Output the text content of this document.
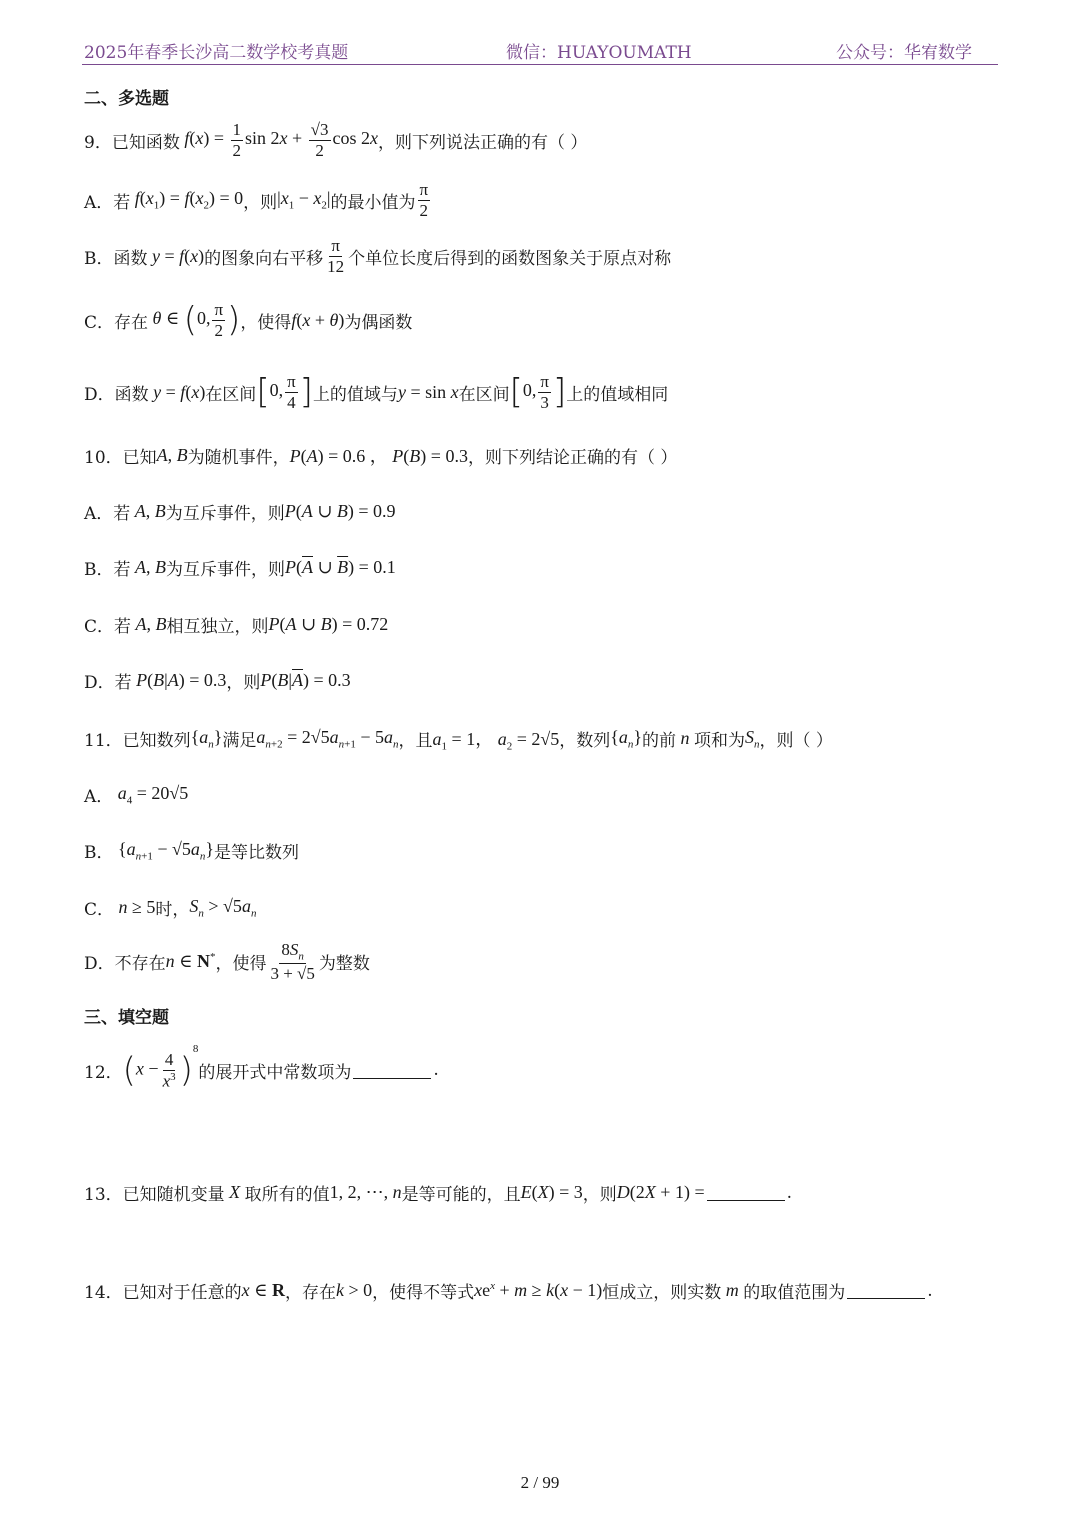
2025年春季长沙高二数学校考真题	微信：HUAYOUMATH	公众号：华宥数学
二、多选题
9．已知函数 $f(x) = \frac{1}{2}$ $\sin 2x + \frac{√3}{2}$ cos 2x ，则下列说法正确的有（ ）
A．若 $f(x_1) = f(x_2) = 0$ ，则 $|x_1 - x_2|$ 的最小值为 $\frac{\pi}{2}$
B．函数 y = f(x) 的图象向右平移 $\frac{\pi}{12}$ 个单位长度后得到的函数图象关于原点对称
C．存在 θ ∈ (0, $\frac{\pi}{2}$ ) ，使得 f(x + θ) 为偶函数
D．函数 y = f(x) 在区间 [0, $\frac{\pi}{4}$ ] 上的值域与 y = sin x 在区间 [0, $\frac{\pi}{3}$ ] 上的值域相同
10．已知 A, B 为随机事件， P(A) = 0.6 ， P(B) = 0.3 ，则下列结论正确的有（ ）
A．若 A, B 为互斥事件，则 P(A ∪ B) = 0.9
B．若 A, B 为互斥事件，则 $P(\overline{A}$ ∪ $\overline{B}) = 0.1$
C．若 A, B 相互独立，则 P(A ∪ B) = 0.72
D．若 P(B|A) = 0.3 ，则 $P(B|\overline{A}) = 0.3$
11．已知数列 $\{a_n\}$ 满足 $a_{n+2} = 2√5a_{n+1} - 5a_n$ ，且 $a_1 = 1$， $a_2 = 2√5$ ，数列 $\{a_n\}$ 的前 n 项和为 $S_n$ ，则（ ）
A． $a_4 = 20√5$
B． $\{a_{n+1} - √5a_n\}$ 是等比数列
C． n ≥ 5 时， $S_n > √5a_n$
D．不存在 n ∈ N* ，使得 $\frac{8S_n}{3 + √5}$ 为整数
三、填空题
12． $(x - \frac{4}{x^3} )^8$
的展开式中常数项为	.
13．已知随机变量 X 取所有的值 1, 2, ⋯, n 是等可能的，且 E(X) = 3 ，则 D(2X + 1) =	.
14．已知对于任意的 x ∈ R ，存在 k > 0 ，使得不等式 $xe^x + m \ge k(x - 1)$ 恒成立，则实数 m 的取值范围为	.
2 / 99
